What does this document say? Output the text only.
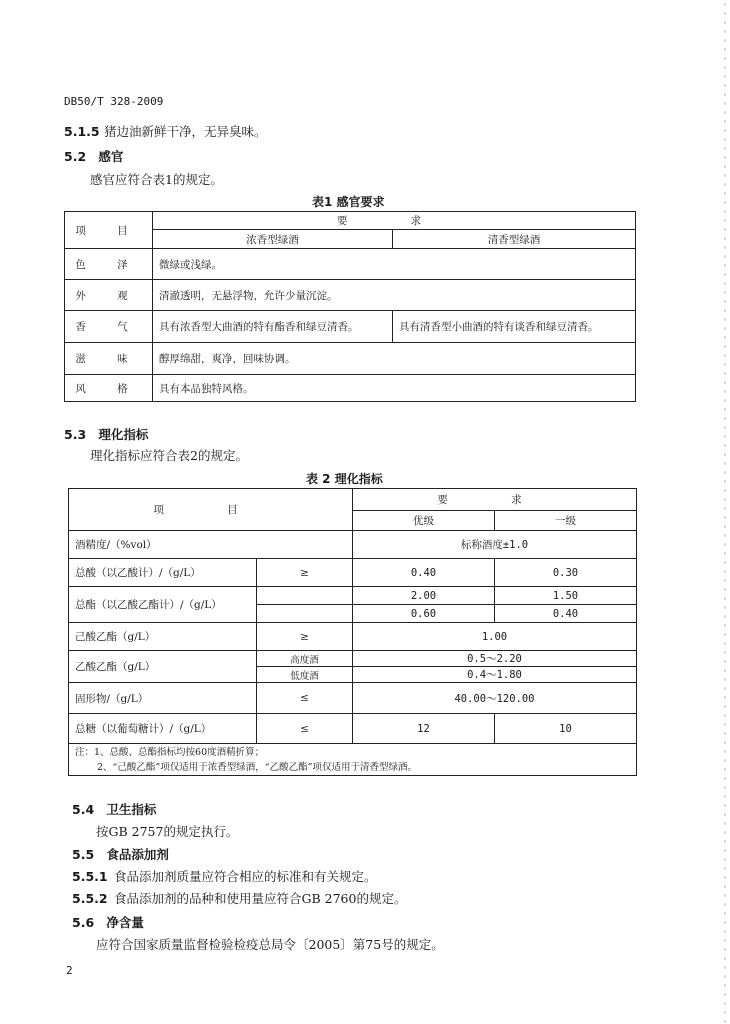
DB50/T 328-2009
5.1.5 猪边油新鲜干净，无异臭味。
5.2 感官
感官应符合表1的规定。
表1 感官要求
项 目	要 求	
	浓香型绿酒	清香型绿酒
色 泽	微绿或浅绿。	
外 观	清澈透明，无悬浮物，允许少量沉淀。	
香 气	具有浓香型大曲酒的特有酯香和绿豆清香。	具有清香型小曲酒的特有谈香和绿豆清香。
滋 味	醇厚绵甜，爽净，回味协调。	
风 格	具有本品独特风格。	
5.3 理化指标
理化指标应符合表2的规定。
表 2 理化指标
项 目		要 求	
		优级	一级
酒精度/（%vol）		标称酒度±1.0	
总酸（以乙酸计）/（g/L）	≥	0.40	0.30
总酯（以乙酸乙酯计）/（g/L）		2.00	1.50
		0.60	0.40
己酸乙酯（g/L）	≥	1.00	
乙酸乙酯（g/L）	高度酒	0.5～2.20	
	低度酒	0.4～1.80	
固形物/（g/L）	≤	40.00～120.00	
总糖（以葡萄糖计）/（g/L）	≤	12	10

注：1、总酸、总酯指标均按60度酒精折算；
2、“己酸乙酯”项仅适用于浓香型绿酒，“乙酸乙酯”项仅适用于清香型绿酒。			
5.4 卫生指标
按GB 2757的规定执行。
5.5 食品添加剂
5.5.1 食品添加剂质量应符合相应的标准和有关规定。
5.5.2 食品添加剂的品种和使用量应符合GB 2760的规定。
5.6 净含量
应符合国家质量监督检验检疫总局令〔2005〕第75号的规定。
2
